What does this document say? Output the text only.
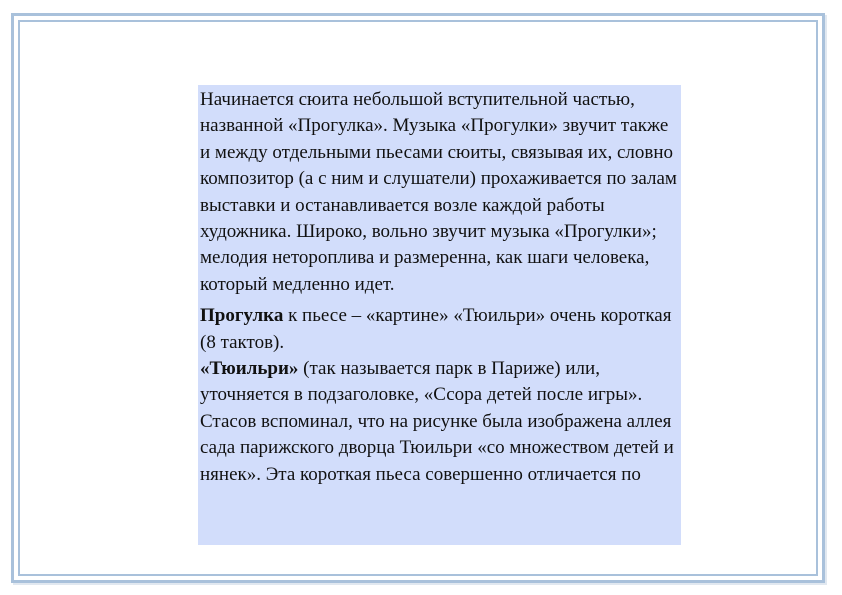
Начинается сюита небольшой вступительной частью, названной «Прогулка». Музыка «Прогулки» звучит также и между отдельными пьесами сюиты, связывая их, словно композитор (а с ним и слушатели) прохаживается по залам выставки и останавливается возле каждой работы художника. Широко, вольно звучит музыка «Прогулки»; мелодия нетороплива и размеренна, как шаги человека, который медленно идет.

Прогулка к пьесе – «картине» «Тюильри» очень короткая (8 тактов).

«Тюильри» (так называется парк в Париже) или, уточняется в подзаголовке, «Ссора детей после игры». Стасов вспоминал, что на рисунке была изображена аллея сада парижского дворца Тюильри «со множеством детей и нянек». Эта короткая пьеса совершенно отличается по
